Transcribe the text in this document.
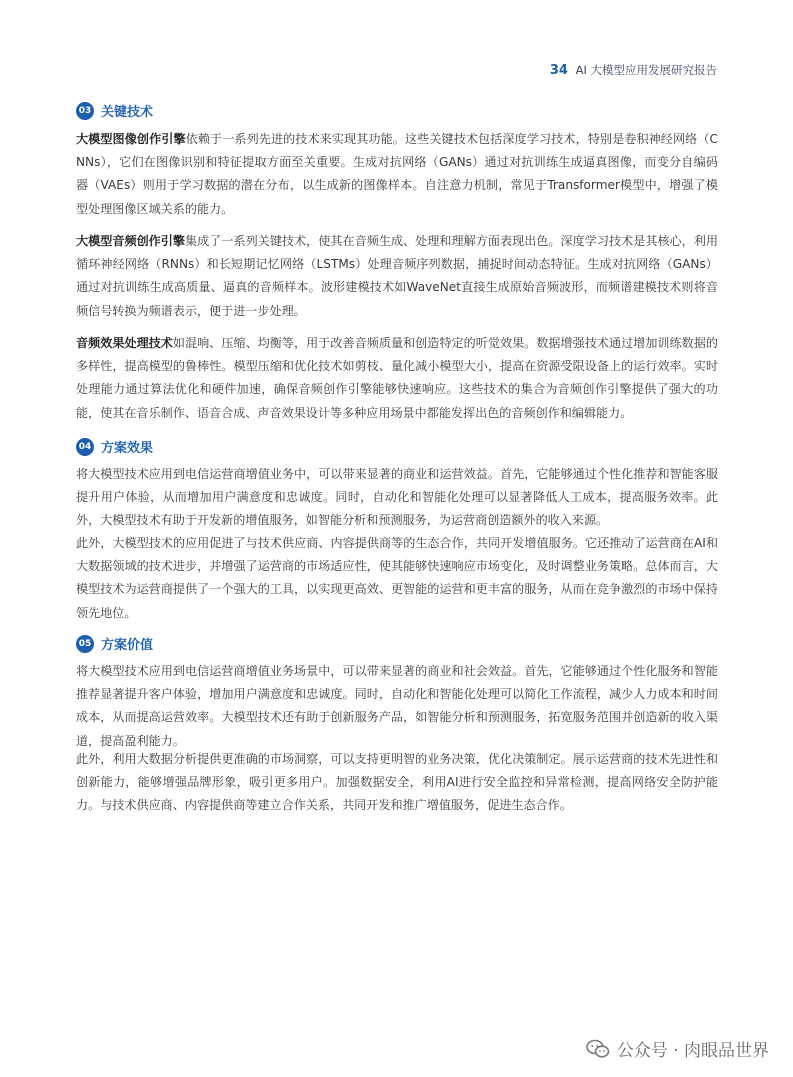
34 AI 大模型应用发展研究报告
03 关键技术

大模型图像创作引擎依赖于一系列先进的技术来实现其功能。这些关键技术包括深度学习技术，特别是卷积神经网络（CNNs），它们在图像识别和特征提取方面至关重要。生成对抗网络（GANs）通过对抗训练生成逼真图像，而变分自编码器（VAEs）则用于学习数据的潜在分布，以生成新的图像样本。自注意力机制，常见于Transformer模型中，增强了模型处理图像区域关系的能力。

大模型音频创作引擎集成了一系列关键技术，使其在音频生成、处理和理解方面表现出色。深度学习技术是其核心，利用循环神经网络（RNNs）和长短期记忆网络（LSTMs）处理音频序列数据，捕捉时间动态特征。生成对抗网络（GANs）通过对抗训练生成高质量、逼真的音频样本。波形建模技术如WaveNet直接生成原始音频波形，而频谱建模技术则将音频信号转换为频谱表示，便于进一步处理。

音频效果处理技术如混响、压缩、均衡等，用于改善音频质量和创造特定的听觉效果。数据增强技术通过增加训练数据的多样性，提高模型的鲁棒性。模型压缩和优化技术如剪枝、量化减小模型大小，提高在资源受限设备上的运行效率。实时处理能力通过算法优化和硬件加速，确保音频创作引擎能够快速响应。这些技术的集合为音频创作引擎提供了强大的功能，使其在音乐制作、语音合成、声音效果设计等多种应用场景中都能发挥出色的音频创作和编辑能力。

04 方案效果

将大模型技术应用到电信运营商增值业务中，可以带来显著的商业和运营效益。首先，它能够通过个性化推荐和智能客服提升用户体验，从而增加用户满意度和忠诚度。同时，自动化和智能化处理可以显著降低人工成本，提高服务效率。此外，大模型技术有助于开发新的增值服务，如智能分析和预测服务，为运营商创造额外的收入来源。

此外，大模型技术的应用促进了与技术供应商、内容提供商等的生态合作，共同开发增值服务。它还推动了运营商在AI和大数据领域的技术进步，并增强了运营商的市场适应性，使其能够快速响应市场变化，及时调整业务策略。总体而言，大模型技术为运营商提供了一个强大的工具，以实现更高效、更智能的运营和更丰富的服务，从而在竞争激烈的市场中保持领先地位。

05 方案价值

将大模型技术应用到电信运营商增值业务场景中，可以带来显著的商业和社会效益。首先，它能够通过个性化服务和智能推荐显著提升客户体验，增加用户满意度和忠诚度。同时，自动化和智能化处理可以简化工作流程，减少人力成本和时间成本，从而提高运营效率。大模型技术还有助于创新服务产品，如智能分析和预测服务，拓宽服务范围并创造新的收入渠道，提高盈利能力。

此外，利用大数据分析提供更准确的市场洞察，可以支持更明智的业务决策，优化决策制定。展示运营商的技术先进性和创新能力，能够增强品牌形象，吸引更多用户。加强数据安全，利用AI进行安全监控和异常检测，提高网络安全防护能力。与技术供应商、内容提供商等建立合作关系，共同开发和推广增值服务，促进生态合作。

公众号 · 肉眼品世界
